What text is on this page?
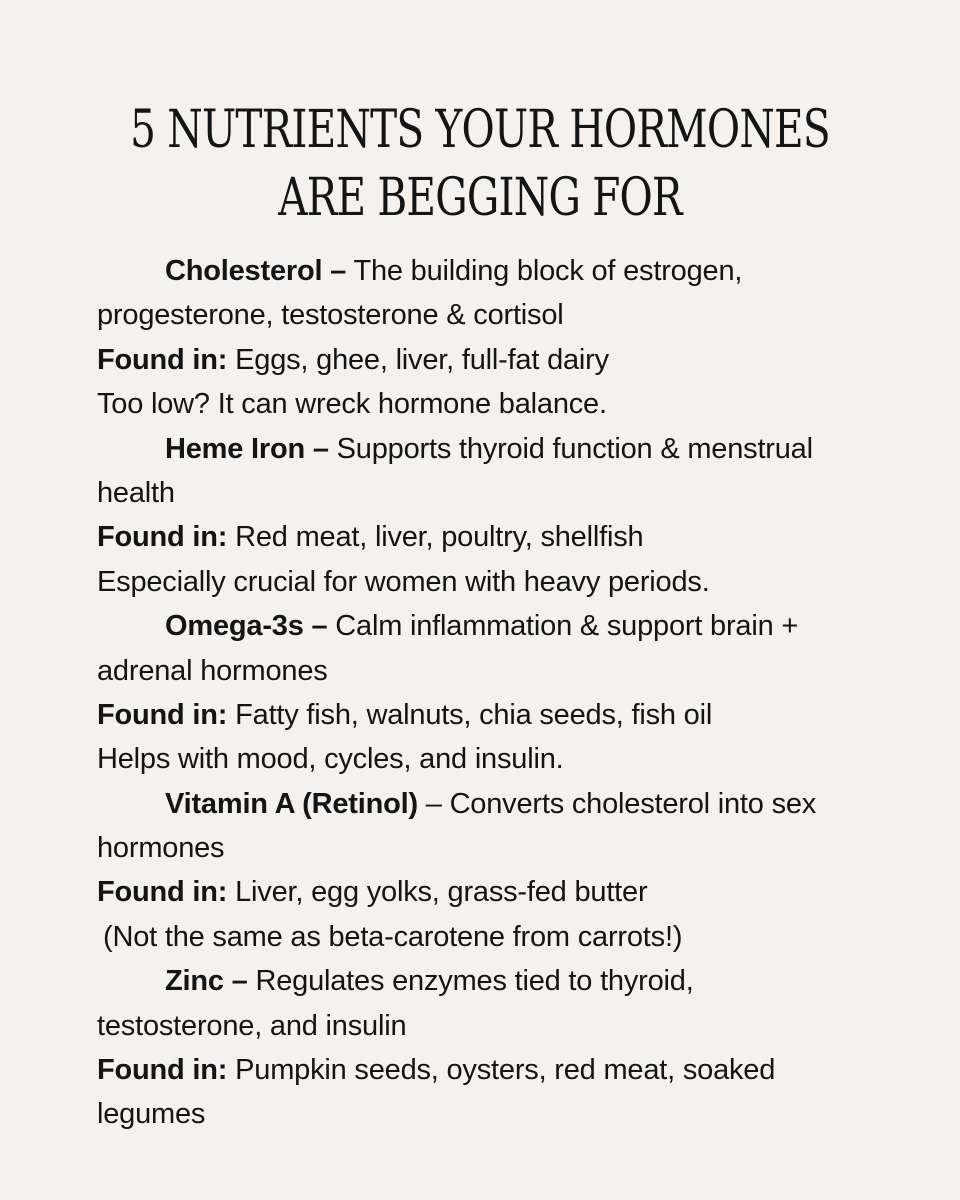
5 NUTRIENTS YOUR HORMONES
ARE BEGGING FOR
Cholesterol – The building block of estrogen,
progesterone, testosterone & cortisol
Found in: Eggs, ghee, liver, full-fat dairy
Too low? It can wreck hormone balance.
Heme Iron – Supports thyroid function & menstrual
health
Found in: Red meat, liver, poultry, shellfish
Especially crucial for women with heavy periods.
Omega-3s – Calm inflammation & support brain +
adrenal hormones
Found in: Fatty fish, walnuts, chia seeds, fish oil
Helps with mood, cycles, and insulin.
Vitamin A (Retinol) – Converts cholesterol into sex
hormones
Found in: Liver, egg yolks, grass-fed butter
(Not the same as beta-carotene from carrots!)
Zinc – Regulates enzymes tied to thyroid,
testosterone, and insulin
Found in: Pumpkin seeds, oysters, red meat, soaked
legumes
